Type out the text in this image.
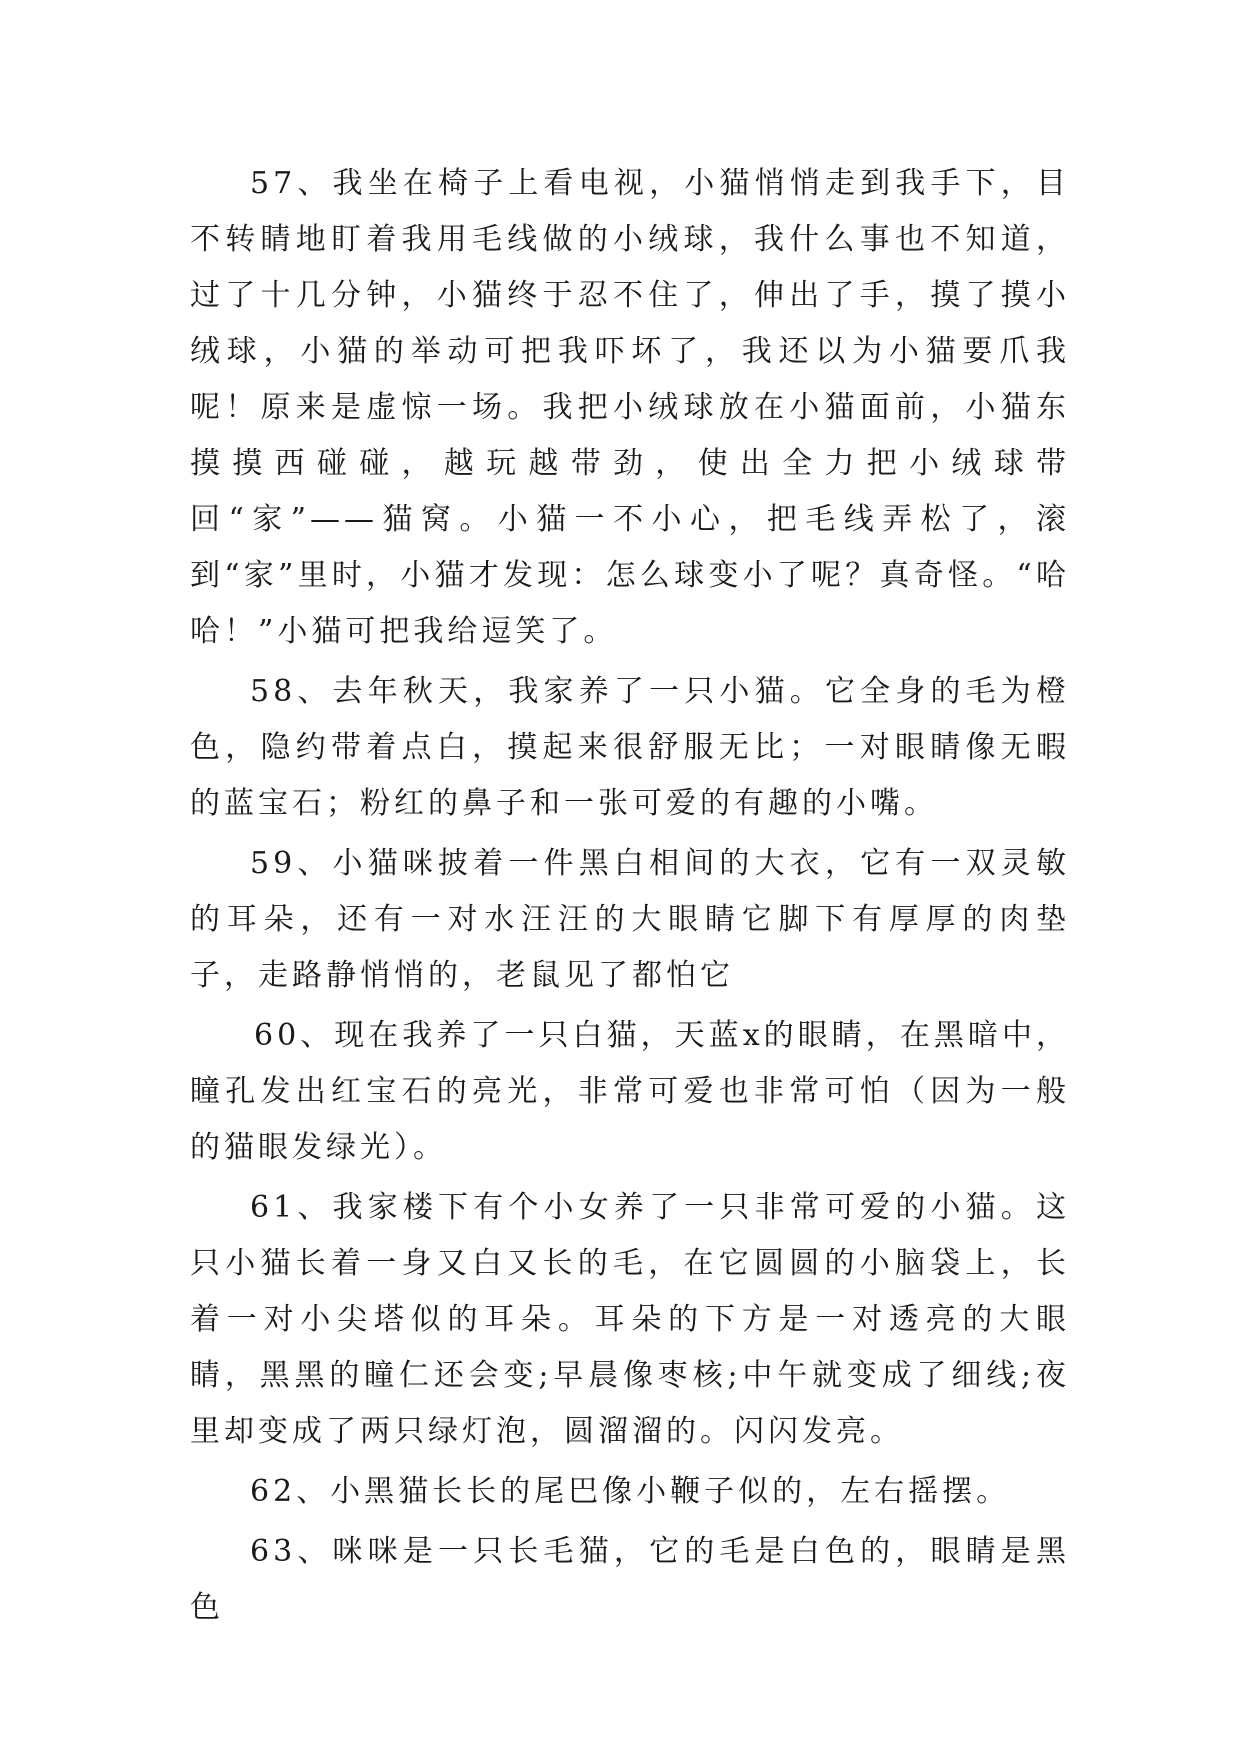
57、我坐在椅子上看电视，小猫悄悄走到我手下，目不转睛地盯着我用毛线做的小绒球，我什么事也不知道，过了十几分钟，小猫终于忍不住了，伸出了手，摸了摸小绒球，小猫的举动可把我吓坏了，我还以为小猫要爪我呢！原来是虚惊一场。我把小绒球放在小猫面前，小猫东摸摸西碰碰，越玩越带劲，使出全力把小绒球带回“家”——猫窝。小猫一不小心，把毛线弄松了，滚到“家”里时，小猫才发现：怎么球变小了呢？真奇怪。“哈哈！”小猫可把我给逗笑了。

58、去年秋天，我家养了一只小猫。它全身的毛为橙色，隐约带着点白，摸起来很舒服无比；一对眼睛像无暇的蓝宝石；粉红的鼻子和一张可爱的有趣的小嘴。

59、小猫咪披着一件黑白相间的大衣，它有一双灵敏的耳朵，还有一对水汪汪的大眼睛它脚下有厚厚的肉垫子，走路静悄悄的，老鼠见了都怕它

60、现在我养了一只白猫，天蓝x的眼睛，在黑暗中，瞳孔发出红宝石的亮光，非常可爱也非常可怕（因为一般的猫眼发绿光）。

61、我家楼下有个小女养了一只非常可爱的小猫。这只小猫长着一身又白又长的毛，在它圆圆的小脑袋上，长着一对小尖塔似的耳朵。耳朵的下方是一对透亮的大眼睛，黑黑的瞳仁还会变;早晨像枣核;中午就变成了细线;夜里却变成了两只绿灯泡，圆溜溜的。闪闪发亮。

62、小黑猫长长的尾巴像小鞭子似的，左右摇摆。

63、咪咪是一只长毛猫，它的毛是白色的，眼睛是黑色
